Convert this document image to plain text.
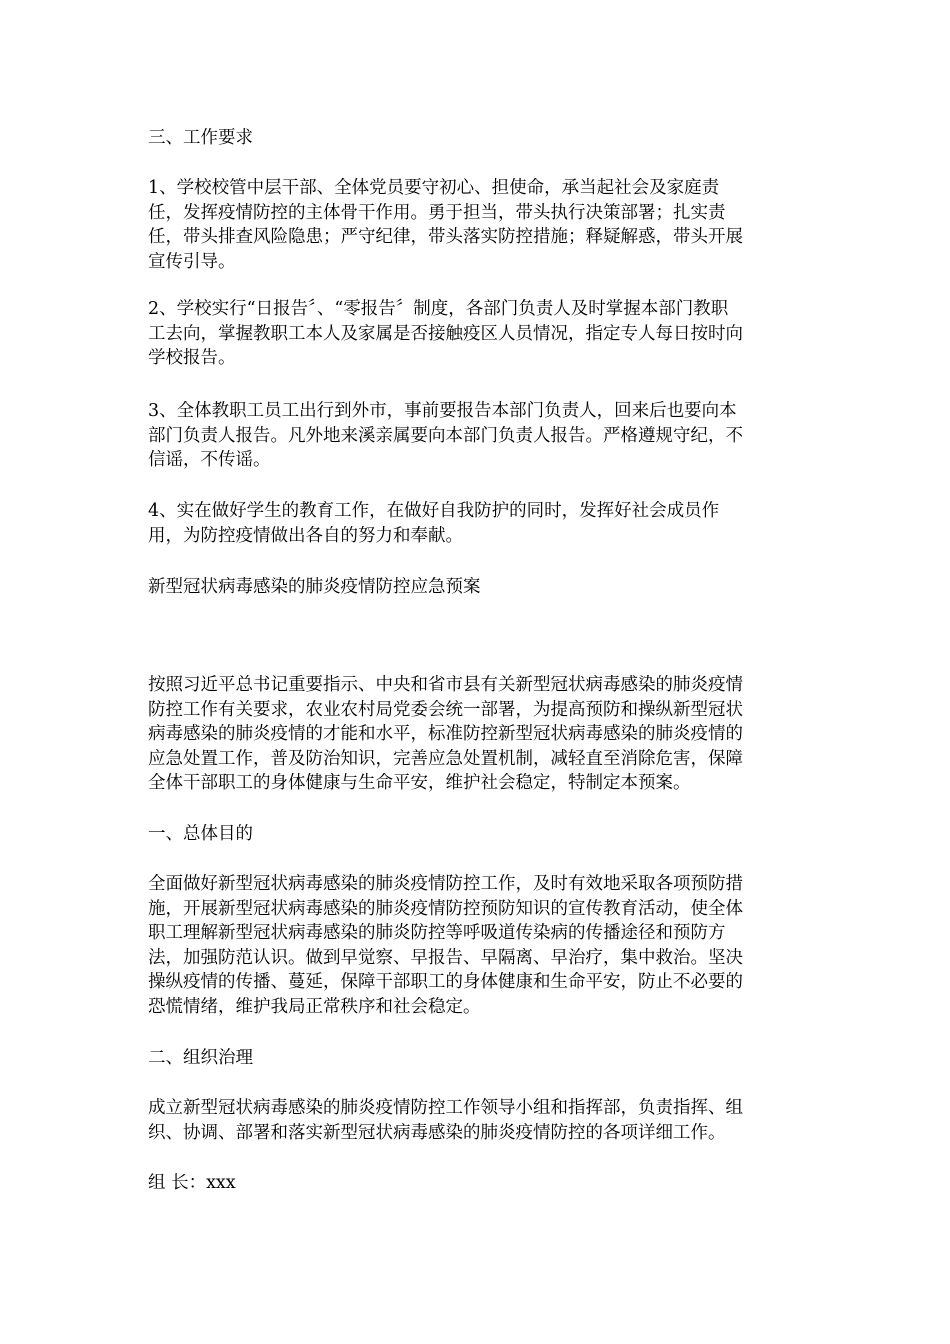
三、工作要求

1、学校校管中层干部、全体党员要守初心、担使命，承当起社会及家庭责
任，发挥疫情防控的主体骨干作用。勇于担当，带头执行决策部署；扎实责
任，带头排查风险隐患；严守纪律，带头落实防控措施；释疑解惑，带头开展
宣传引导。

2、学校实行“日报告〞、“零报告〞制度，各部门负责人及时掌握本部门教职
工去向，掌握教职工本人及家属是否接触疫区人员情况，指定专人每日按时向
学校报告。

3、全体教职工员工出行到外市，事前要报告本部门负责人，回来后也要向本
部门负责人报告。凡外地来溪亲属要向本部门负责人报告。严格遵规守纪，不
信谣，不传谣。

4、实在做好学生的教育工作，在做好自我防护的同时，发挥好社会成员作
用，为防控疫情做出各自的努力和奉献。

新型冠状病毒感染的肺炎疫情防控应急预案

按照习近平总书记重要指示、中央和省市县有关新型冠状病毒感染的肺炎疫情
防控工作有关要求，农业农村局党委会统一部署，为提高预防和操纵新型冠状
病毒感染的肺炎疫情的才能和水平，标准防控新型冠状病毒感染的肺炎疫情的
应急处置工作，普及防治知识，完善应急处置机制，减轻直至消除危害，保障
全体干部职工的身体健康与生命平安，维护社会稳定，特制定本预案。

一、总体目的

全面做好新型冠状病毒感染的肺炎疫情防控工作，及时有效地采取各项预防措
施，开展新型冠状病毒感染的肺炎疫情防控预防知识的宣传教育活动，使全体
职工理解新型冠状病毒感染的肺炎防控等呼吸道传染病的传播途径和预防方
法，加强防范认识。做到早觉察、早报告、早隔离、早治疗，集中救治。坚决
操纵疫情的传播、蔓延，保障干部职工的身体健康和生命平安，防止不必要的
恐慌情绪，维护我局正常秩序和社会稳定。

二、组织治理

成立新型冠状病毒感染的肺炎疫情防控工作领导小组和指挥部，负责指挥、组
织、协调、部署和落实新型冠状病毒感染的肺炎疫情防控的各项详细工作。

组 长：xxx
